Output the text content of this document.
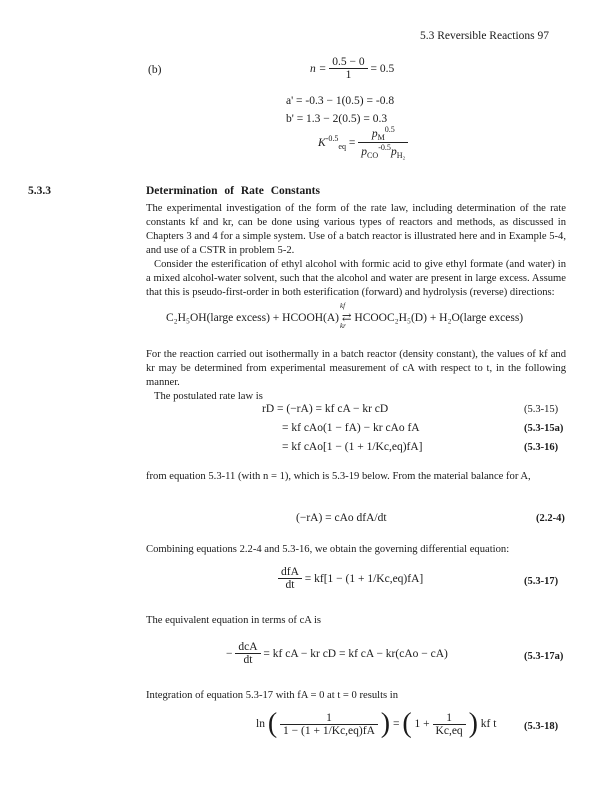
5.3 Reversible Reactions 97
(b)	$n = \frac{0.5 - 0}{1} = 0.5$
a' = -0.3 − 1(0.5) = -0.8
b' = 1.3 − 2(0.5) = 0.3
$K^{-0.5}_{eq} = \frac{p_M^{0.5}}{p_{CO}^{-0.5}p_{H_2}}$
5.3.3	Determination of Rate Constants

The experimental investigation of the form of the rate law, including determination of the rate constants kf and kr, can be done using various types of reactors and methods, as discussed in Chapters 3 and 4 for a simple system. Use of a batch reactor is illustrated here and in Example 5-4, and use of a CSTR in problem 5-2.

Consider the esterification of ethyl alcohol with formic acid to give ethyl formate (and water) in a mixed alcohol-water solvent, such that the alcohol and water are present in large excess. Assume that this is pseudo-first-order in both esterification (forward) and hydrolysis (reverse) directions:

C₂H₅OH(large excess) + HCOOH(A) ⇄ HCOOC₂H₅(D) + H₂O(large excess)
kf
kr

For the reaction carried out isothermally in a batch reactor (density constant), the values of kf and kr may be determined from experimental measurement of cA with respect to t, in the following manner.

The postulated rate law is

rD = (−rA) = kf cA − kr cD	(5.3-15)
= kf cAo(1 − fA) − kr cAo fA	(5.3-15a)
= kf cAo[1 − (1 + 1/Kc,eq)fA]	(5.3-16)

from equation 5.3-11 (with n = 1), which is 5.3-19 below. From the material balance for A,

(−rA) = cAo dfA/dt	(2.2-4)

Combining equations 2.2-4 and 5.3-16, we obtain the governing differential equation:

$\frac{\text{dfA}}{dt} = kf[1 - (1 + 1/Kc,eq)fA]$	(5.3-17)

The equivalent equation in terms of cA is

− $\frac{\text{dcA}}{dt}$ = kf cA − kr cD = kf cA − kr(cAo − cA)	(5.3-17a)

Integration of equation 5.3-17 with fA = 0 at t = 0 results in

ln ( $\frac{1}{1 - (1 + 1/Kc,eq)fA}$ ) = ( $1 + \frac{1}{Kc,eq}$ ) kf t	(5.3-18)
